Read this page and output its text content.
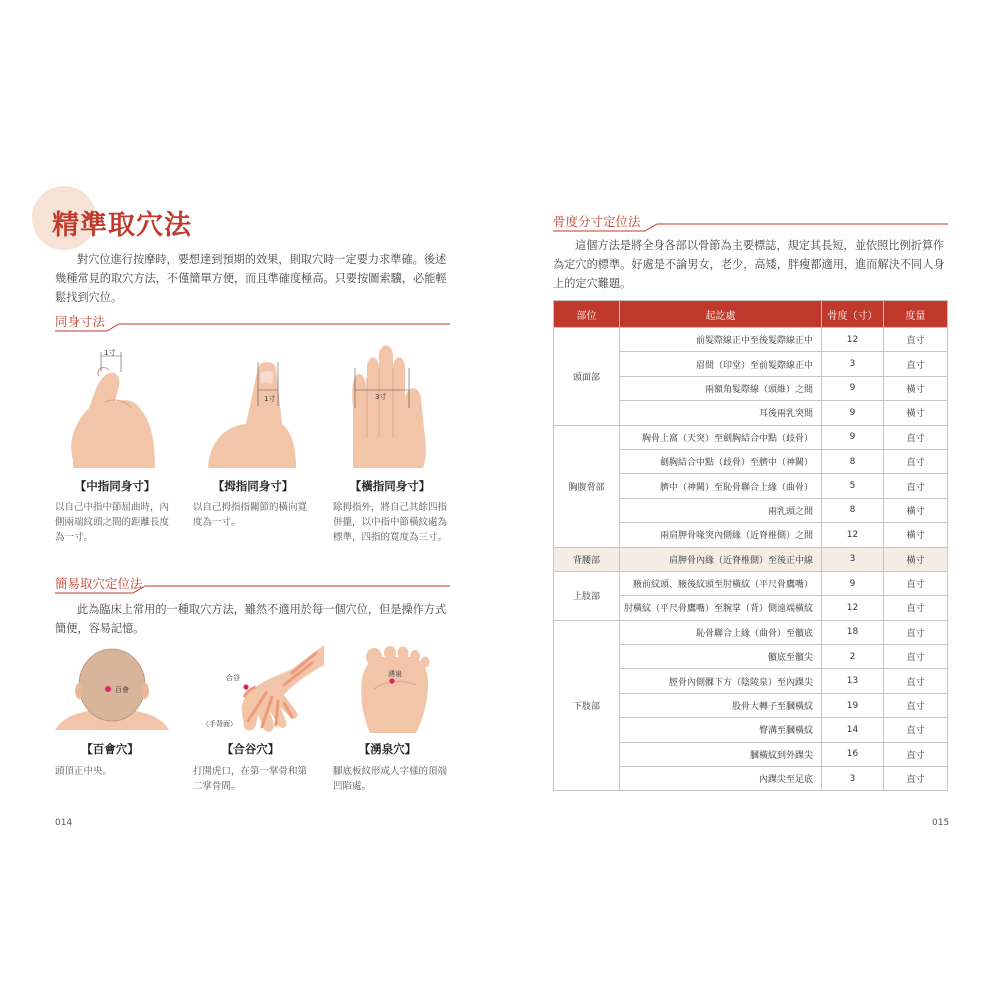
精準取穴法
對穴位進行按摩時，要想達到預期的效果，則取穴時一定要力求準確。後述幾種常見的取穴方法，不僅簡單方便，而且準確度極高。只要按圖索驥，必能輕鬆找到穴位。
同身寸法
1寸
【中指同身寸】
以自己中指中節屈曲時，內側兩端紋頭之間的距離長度為一寸。
1寸
【拇指同身寸】
以自己拇指指關節的橫向寬度為一寸。
3寸
【橫指同身寸】
除拇指外，將自己其餘四指併攏，以中指中節橫紋處為標準，四指的寬度為三寸。
簡易取穴定位法
此為臨床上常用的一種取穴方法，雖然不適用於每一個穴位，但是操作方式簡便，容易記憶。
百會
【百會穴】
頭頂正中央。
合谷
（手背面）
【合谷穴】
打開虎口，在第一掌骨和第二掌骨間。
湧泉
【湧泉穴】
腳底板紋形成人字樣的頂端凹陷處。
014
骨度分寸定位法
這個方法是將全身各部以骨節為主要標誌，規定其長短，並依照比例折算作為定穴的標準。好處是不論男女，老少，高矮，胖瘦都適用，進而解決不同人身上的定穴難題。
部位	起訖處	骨度（寸）	度量
頭面部	前髮際線正中至後髮際線正中	12	直寸
	眉間（印堂）至前髮際線正中	3	直寸
	兩額角髮際線（頭維）之間	9	橫寸
	耳後兩乳突間	9	橫寸
胸腹脅部	胸骨上窩（天突）至劍胸結合中點（歧骨）	9	直寸
	劍胸結合中點（歧骨）至臍中（神闕）	8	直寸
	臍中（神闕）至恥骨聯合上緣（曲骨）	5	直寸
	兩乳頭之間	8	橫寸
	兩肩胛骨喙突內側緣（近脊椎側）之間	12	橫寸
背腰部	肩胛骨內緣（近脊椎側）至後正中線	3	橫寸
上肢部	腋前紋頭、腋後紋頭至肘橫紋（平尺骨鷹嘴）	9	直寸
	肘橫紋（平尺骨鷹嘴）至腕掌（背）側遠端橫紋	12	直寸
下肢部	恥骨聯合上緣（曲骨）至髕底	18	直寸
	髕底至髕尖	2	直寸
	脛骨內側髁下方（陰陵泉）至內踝尖	13	直寸
	股骨大轉子至膕橫紋	19	直寸
	臀溝至膕橫紋	14	直寸
	膕橫紋到外踝尖	16	直寸
	內踝尖至足底	3	直寸
015
